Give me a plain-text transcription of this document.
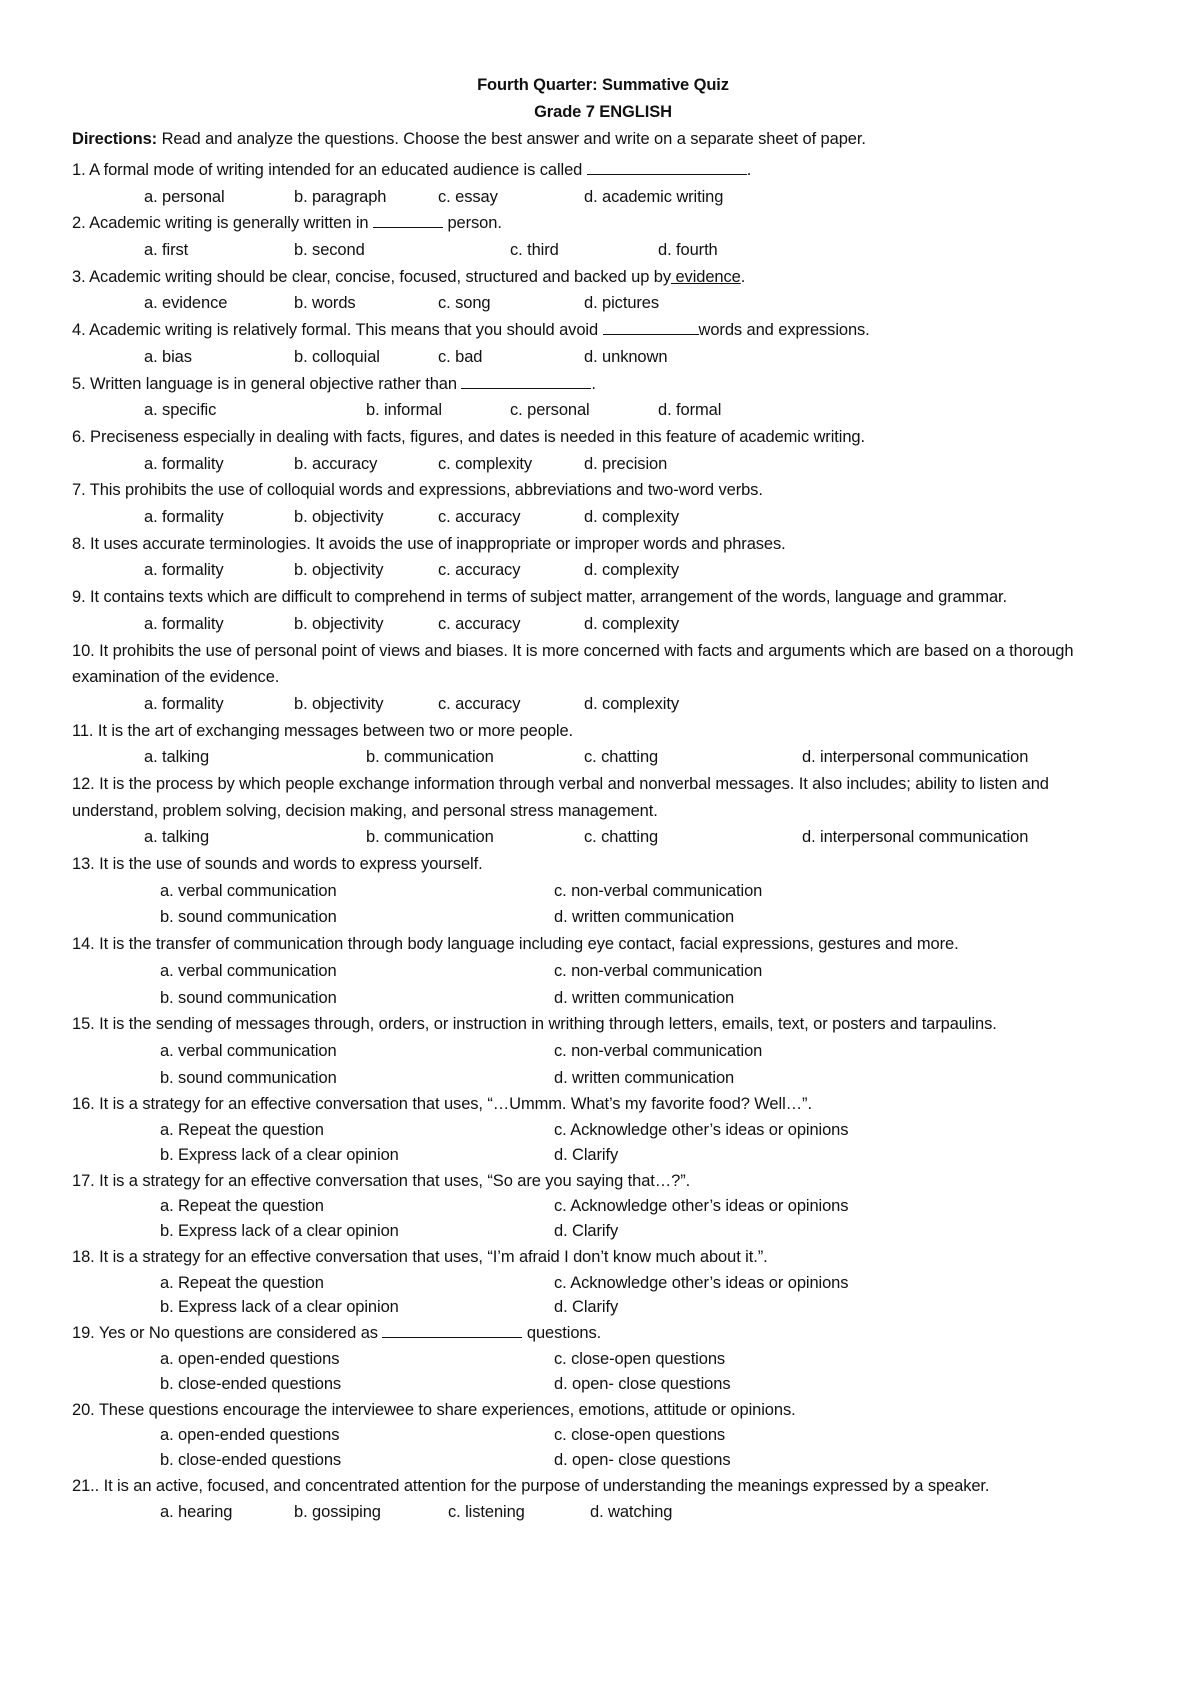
Fourth Quarter: Summative Quiz
Grade 7 ENGLISH
Directions: Read and analyze the questions. Choose the best answer and write on a separate sheet of paper.
1. A formal mode of writing intended for an educated audience is called	.
a. personal	b. paragraph	c. essay	d. academic writing
2. Academic writing is generally written in	person.
a. first	b. second	c. third	d. fourth
3. Academic writing should be clear, concise, focused, structured and backed up by evidence.
a. evidence	b. words	c. song	d. pictures
4. Academic writing is relatively formal. This means that you should avoid	words and expressions.
a. bias	b. colloquial	c. bad	d. unknown
5. Written language is in general objective rather than	.
a. specific	b. informal	c. personal	d. formal
6. Preciseness especially in dealing with facts, figures, and dates is needed in this feature of academic writing.
a. formality	b. accuracy	c. complexity	d. precision
7. This prohibits the use of colloquial words and expressions, abbreviations and two-word verbs.
a. formality	b. objectivity	c. accuracy	d. complexity
8. It uses accurate terminologies. It avoids the use of inappropriate or improper words and phrases.
a. formality	b. objectivity	c. accuracy	d. complexity
9. It contains texts which are difficult to comprehend in terms of subject matter, arrangement of the words, language and grammar.
a. formality	b. objectivity	c. accuracy	d. complexity
10. It prohibits the use of personal point of views and biases. It is more concerned with facts and arguments which are based on a thorough examination of the evidence.
a. formality	b. objectivity	c. accuracy	d. complexity
11. It is the art of exchanging messages between two or more people.
a. talking	b. communication	c. chatting	d. interpersonal communication
12. It is the process by which people exchange information through verbal and nonverbal messages. It also includes; ability to listen and understand, problem solving, decision making, and personal stress management.
a. talking	b. communication	c. chatting	d. interpersonal communication
13. It is the use of sounds and words to express yourself.
a. verbal communication	c. non-verbal communication
b. sound communication	d. written communication
14. It is the transfer of communication through body language including eye contact, facial expressions, gestures and more.
a. verbal communication	c. non-verbal communication
b. sound communication	d. written communication
15. It is the sending of messages through, orders, or instruction in writhing through letters, emails, text, or posters and tarpaulins.
a. verbal communication	c. non-verbal communication
b. sound communication	d. written communication
16. It is a strategy for an effective conversation that uses, “…Ummm. What’s my favorite food? Well…”.
a. Repeat the question	c. Acknowledge other’s ideas or opinions
b. Express lack of a clear opinion	d. Clarify
17. It is a strategy for an effective conversation that uses, “So are you saying that…?”.
a. Repeat the question	c. Acknowledge other’s ideas or opinions
b. Express lack of a clear opinion	d. Clarify
18. It is a strategy for an effective conversation that uses, “I’m afraid I don’t know much about it.”.
a. Repeat the question	c. Acknowledge other’s ideas or opinions
b. Express lack of a clear opinion	d. Clarify
19. Yes or No questions are considered as	questions.
a. open-ended questions	c. close-open questions
b. close-ended questions	d. open- close questions
20. These questions encourage the interviewee to share experiences, emotions, attitude or opinions.
a. open-ended questions	c. close-open questions
b. close-ended questions	d. open- close questions
21.. It is an active, focused, and concentrated attention for the purpose of understanding the meanings expressed by a speaker.
a. hearing	b. gossiping	c. listening	d. watching
